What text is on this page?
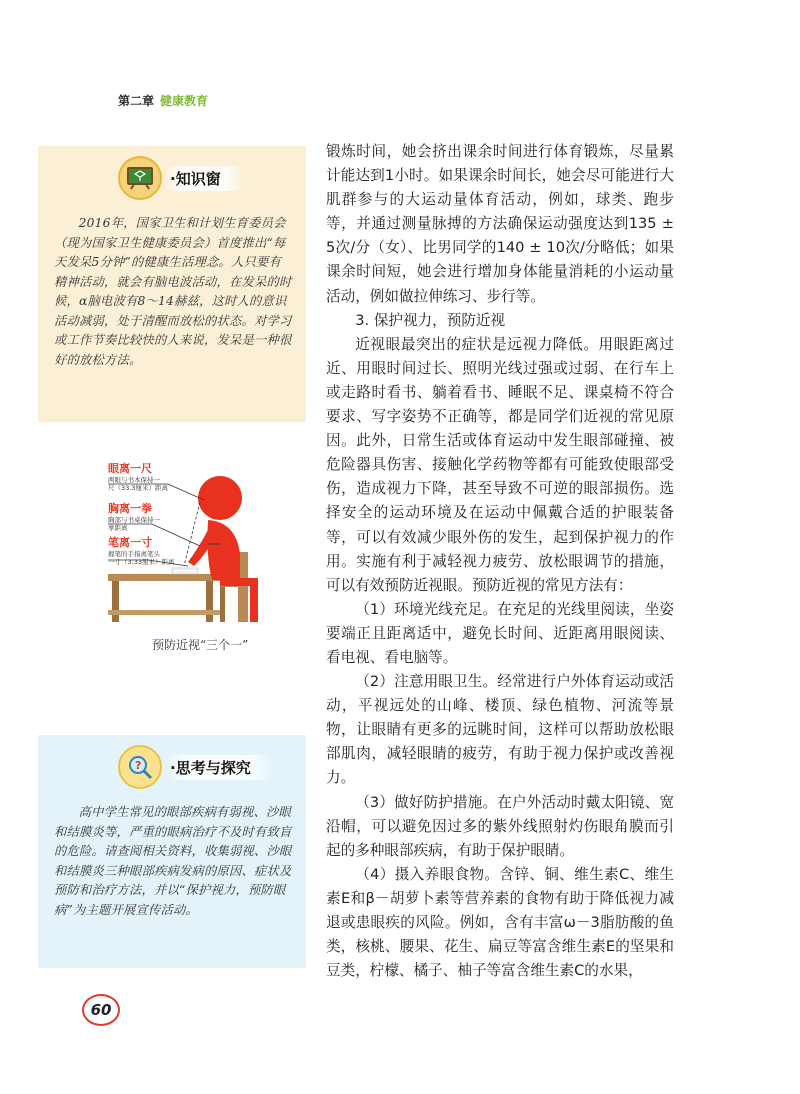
第二章 健康教育
·知识窗

2016年，国家卫生和计划生育委员会（现为国家卫生健康委员会）首度推出“每天发呆5分钟”的健康生活理念。人只要有精神活动，就会有脑电波活动，在发呆的时候，α脑电波有8～14赫兹，这时人的意识活动减弱，处于清醒而放松的状态。对学习或工作节奏比较快的人来说，发呆是一种很好的放松方法。

眼离一尺
两眼与书本保持一
尺（33.3厘米）距离
胸离一拳
胸部与书桌保持一
拳距离
笔离一寸
握笔的手指离笔头
一寸（3.33厘米）距离
预防近视“三个一”
?	·思考与探究

高中学生常见的眼部疾病有弱视、沙眼和结膜炎等，严重的眼病治疗不及时有致盲的危险。请查阅相关资料，收集弱视、沙眼和结膜炎三种眼部疾病发病的原因、症状及预防和治疗方法，并以“保护视力，预防眼病”为主题开展宣传活动。

锻炼时间，她会挤出课余时间进行体育锻炼，尽量累计能达到1小时。如果课余时间长，她会尽可能进行大肌群参与的大运动量体育活动，例如，球类、跑步等，并通过测量脉搏的方法确保运动强度达到135 ± 5次/分（女）、比男同学的140 ± 10次/分略低；如果课余时间短，她会进行增加身体能量消耗的小运动量活动，例如做拉伸练习、步行等。

3. 保护视力，预防近视

近视眼最突出的症状是远视力降低。用眼距离过近、用眼时间过长、照明光线过强或过弱、在行车上或走路时看书、躺着看书、睡眠不足、课桌椅不符合要求、写字姿势不正确等，都是同学们近视的常见原因。此外，日常生活或体育运动中发生眼部碰撞、被危险器具伤害、接触化学药物等都有可能致使眼部受伤，造成视力下降，甚至导致不可逆的眼部损伤。选择安全的运动环境及在运动中佩戴合适的护眼装备等，可以有效减少眼外伤的发生，起到保护视力的作用。实施有利于减轻视力疲劳、放松眼调节的措施，可以有效预防近视眼。预防近视的常见方法有：

（1）环境光线充足。在充足的光线里阅读，坐姿要端正且距离适中，避免长时间、近距离用眼阅读、看电视、看电脑等。

（2）注意用眼卫生。经常进行户外体育运动或活动，平视远处的山峰、楼顶、绿色植物、河流等景物，让眼睛有更多的远眺时间，这样可以帮助放松眼部肌肉，减轻眼睛的疲劳，有助于视力保护或改善视力。

（3）做好防护措施。在户外活动时戴太阳镜、宽沿帽，可以避免因过多的紫外线照射灼伤眼角膜而引起的多种眼部疾病，有助于保护眼睛。

（4）摄入养眼食物。含锌、铜、维生素C、维生素E和β－胡萝卜素等营养素的食物有助于降低视力减退或患眼疾的风险。例如，含有丰富ω－3脂肪酸的鱼类，核桃、腰果、花生、扁豆等富含维生素E的坚果和豆类，柠檬、橘子、柚子等富含维生素C的水果，

60
